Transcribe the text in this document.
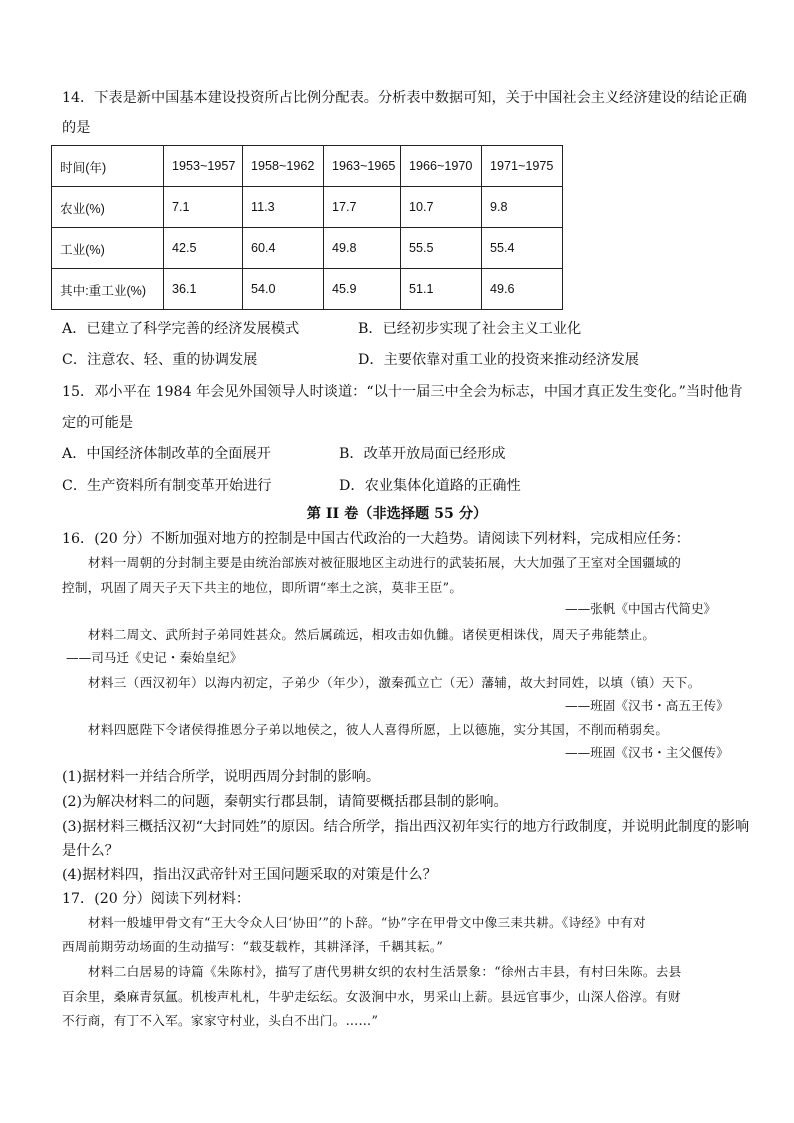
14．下表是新中国基本建设投资所占比例分配表。分析表中数据可知，关于中国社会主义经济建设的结论正确
的是
时间(年)	1953~1957	1958~1962	1963~1965	1966~1970	1971~1975
农业(%)	7.1	11.3	17.7	10.7	9.8
工业(%)	42.5	60.4	49.8	55.5	55.4
其中:重工业(%)	36.1	54.0	45.9	51.1	49.6
A．已建立了科学完善的经济发展模式	B．已经初步实现了社会主义工业化
C．注意农、轻、重的协调发展	D．主要依靠对重工业的投资来推动经济发展
15．邓小平在 1984 年会见外国领导人时谈道：“以十一届三中全会为标志，中国才真正发生变化。”当时他肯
定的可能是
A．中国经济体制改革的全面展开	B．改革开放局面已经形成
C．生产资料所有制变革开始进行	D．农业集体化道路的正确性
第 II 卷（非选择题 55 分）
16．(20 分）不断加强对地方的控制是中国古代政治的一大趋势。请阅读下列材料，完成相应任务：
材料一周朝的分封制主要是由统治部族对被征服地区主动进行的武装拓展，大大加强了王室对全国疆域的
控制，巩固了周天子天下共主的地位，即所谓“率土之滨，莫非王臣”。
——张帆《中国古代简史》
材料二周文、武所封子弟同姓甚众。然后属疏远，相攻击如仇雠。诸侯更相诛伐，周天子弗能禁止。
——司马迁《史记・秦始皇纪》
材料三（西汉初年）以海内初定，子弟少（年少），激秦孤立亡（无）藩辅，故大封同姓，以填（镇）天下。
——班固《汉书・高五王传》
材料四愿陛下令诸侯得推恩分子弟以地侯之，彼人人喜得所愿，上以德施，实分其国，不削而稍弱矣。
——班固《汉书・主父偃传》
(1)据材料一并结合所学，说明西周分封制的影响。
(2)为解决材料二的问题，秦朝实行郡县制，请简要概括郡县制的影响。
(3)据材料三概括汉初“大封同姓”的原因。结合所学，指出西汉初年实行的地方行政制度，并说明此制度的影响
是什么？
(4)据材料四，指出汉武帝针对王国问题采取的对策是什么？
17．(20 分）阅读下列材料：
材料一般墟甲骨文有“王大令众人曰‘协田’”的卜辞。“协”字在甲骨文中像三耒共耕。《诗经》中有对
西周前期劳动场面的生动描写：“载芟载柞，其耕泽泽，千耦其耘。”
材料二白居易的诗篇《朱陈村》，描写了唐代男耕女织的农村生活景象：“徐州古丰县，有村曰朱陈。去县
百余里，桑麻青氛氲。机梭声札札，牛驴走纭纭。女汲涧中水，男采山上薪。县远官事少，山深人俗淳。有财
不行商，有丁不入军。家家守村业，头白不出门。……”
